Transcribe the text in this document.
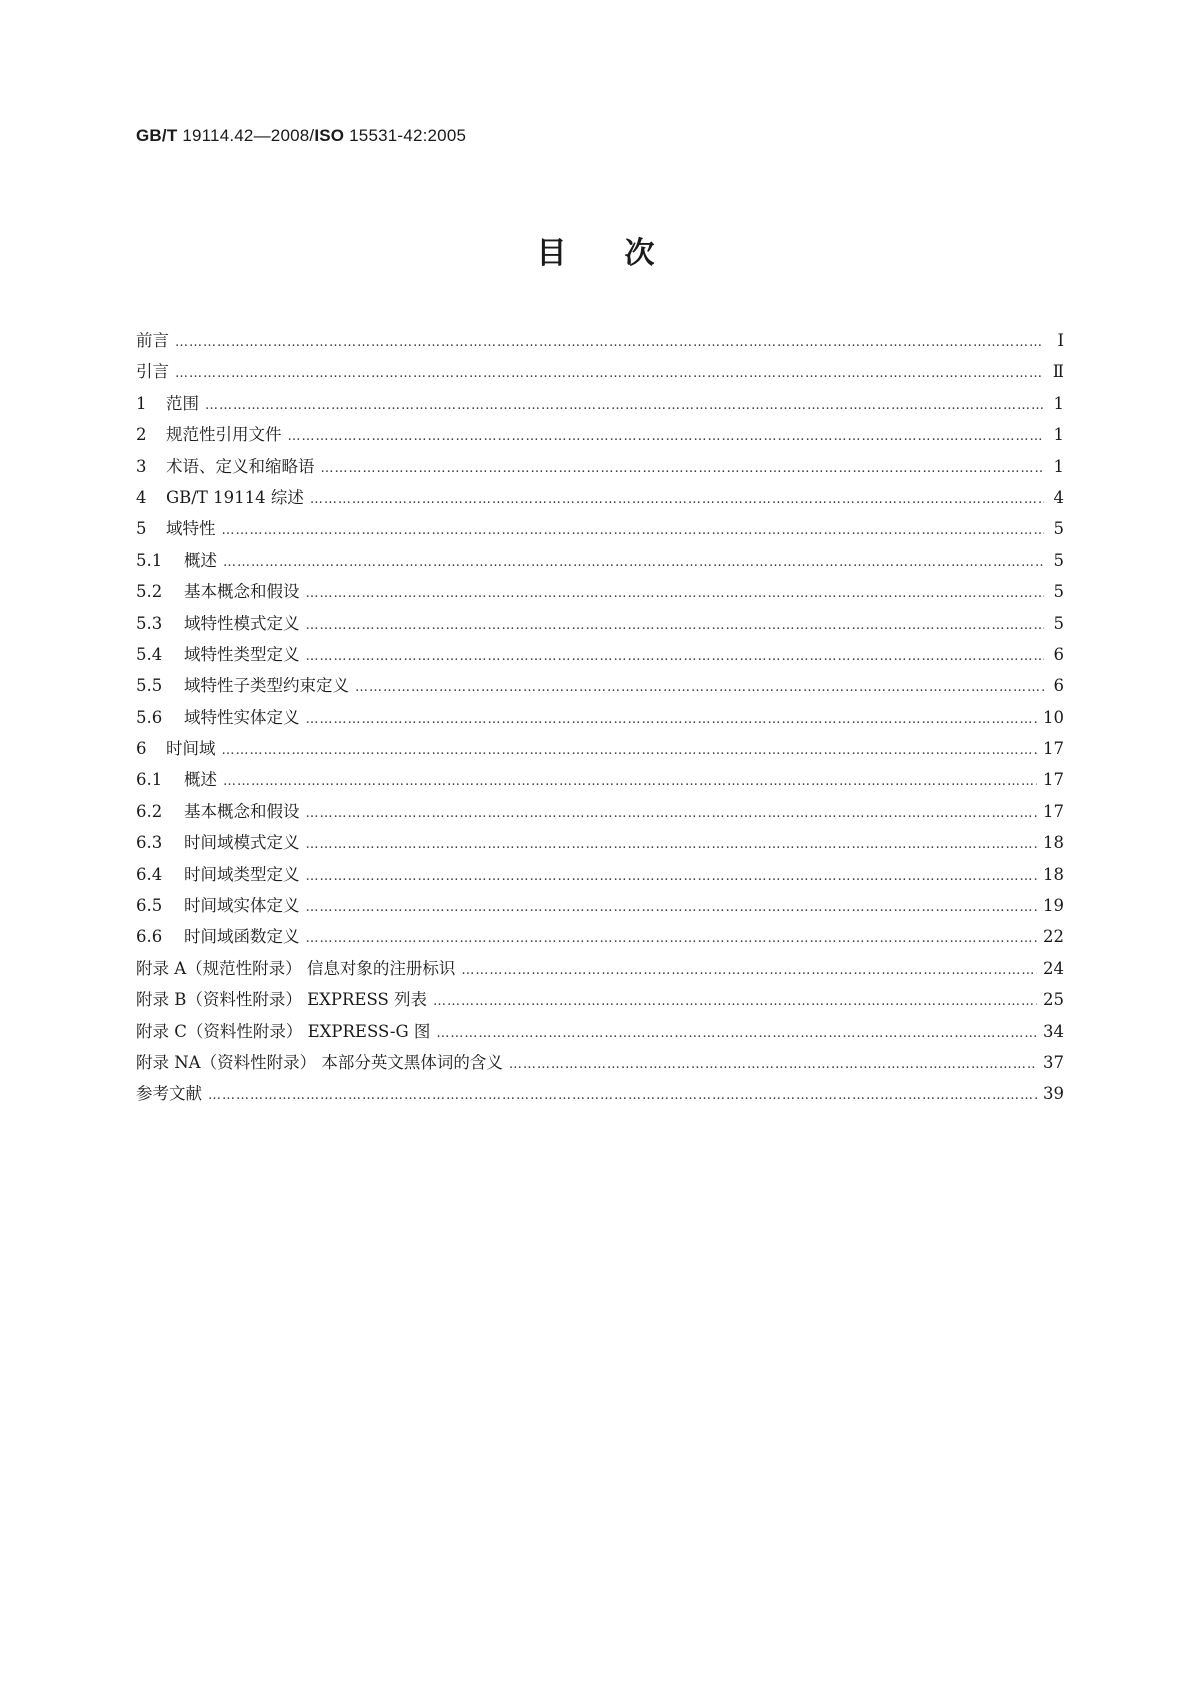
GB/T 19114.42—2008/ISO 15531-42:2005
目次
前言 …………………………………………………………………………………………………………………………………………………………………………………………………………………………	Ⅰ
引言 …………………………………………………………………………………………………………………………………………………………………………………………………………………………	Ⅱ
1 范围 …………………………………………………………………………………………………………………………………………………………………………………………………………………………	1
2 规范性引用文件 …………………………………………………………………………………………………………………………………………………………………………………………………………………………	1
3 术语、定义和缩略语 …………………………………………………………………………………………………………………………………………………………………………………………………………………………	1
4 GB/T 19114 综述 …………………………………………………………………………………………………………………………………………………………………………………………………………………………	4
5 域特性 …………………………………………………………………………………………………………………………………………………………………………………………………………………………	5
5.1 概述 …………………………………………………………………………………………………………………………………………………………………………………………………………………………	5
5.2 基本概念和假设 …………………………………………………………………………………………………………………………………………………………………………………………………………………………	5
5.3 域特性模式定义 …………………………………………………………………………………………………………………………………………………………………………………………………………………………	5
5.4 域特性类型定义 …………………………………………………………………………………………………………………………………………………………………………………………………………………………	6
5.5 域特性子类型约束定义 …………………………………………………………………………………………………………………………………………………………………………………………………………………………	6
5.6 域特性实体定义 …………………………………………………………………………………………………………………………………………………………………………………………………………………………	10
6 时间域 …………………………………………………………………………………………………………………………………………………………………………………………………………………………	17
6.1 概述 …………………………………………………………………………………………………………………………………………………………………………………………………………………………	17
6.2 基本概念和假设 …………………………………………………………………………………………………………………………………………………………………………………………………………………………	17
6.3 时间域模式定义 …………………………………………………………………………………………………………………………………………………………………………………………………………………………	18
6.4 时间域类型定义 …………………………………………………………………………………………………………………………………………………………………………………………………………………………	18
6.5 时间域实体定义 …………………………………………………………………………………………………………………………………………………………………………………………………………………………	19
6.6 时间域函数定义 …………………………………………………………………………………………………………………………………………………………………………………………………………………………	22
附录 A（规范性附录） 信息对象的注册标识 …………………………………………………………………………………………………………………………………………………………………………………………………………………………	24
附录 B（资料性附录） EXPRESS 列表 …………………………………………………………………………………………………………………………………………………………………………………………………………………………	25
附录 C（资料性附录） EXPRESS-G 图 …………………………………………………………………………………………………………………………………………………………………………………………………………………………	34
附录 NA（资料性附录） 本部分英文黑体词的含义 …………………………………………………………………………………………………………………………………………………………………………………………………………………………	37
参考文献 …………………………………………………………………………………………………………………………………………………………………………………………………………………………	39
